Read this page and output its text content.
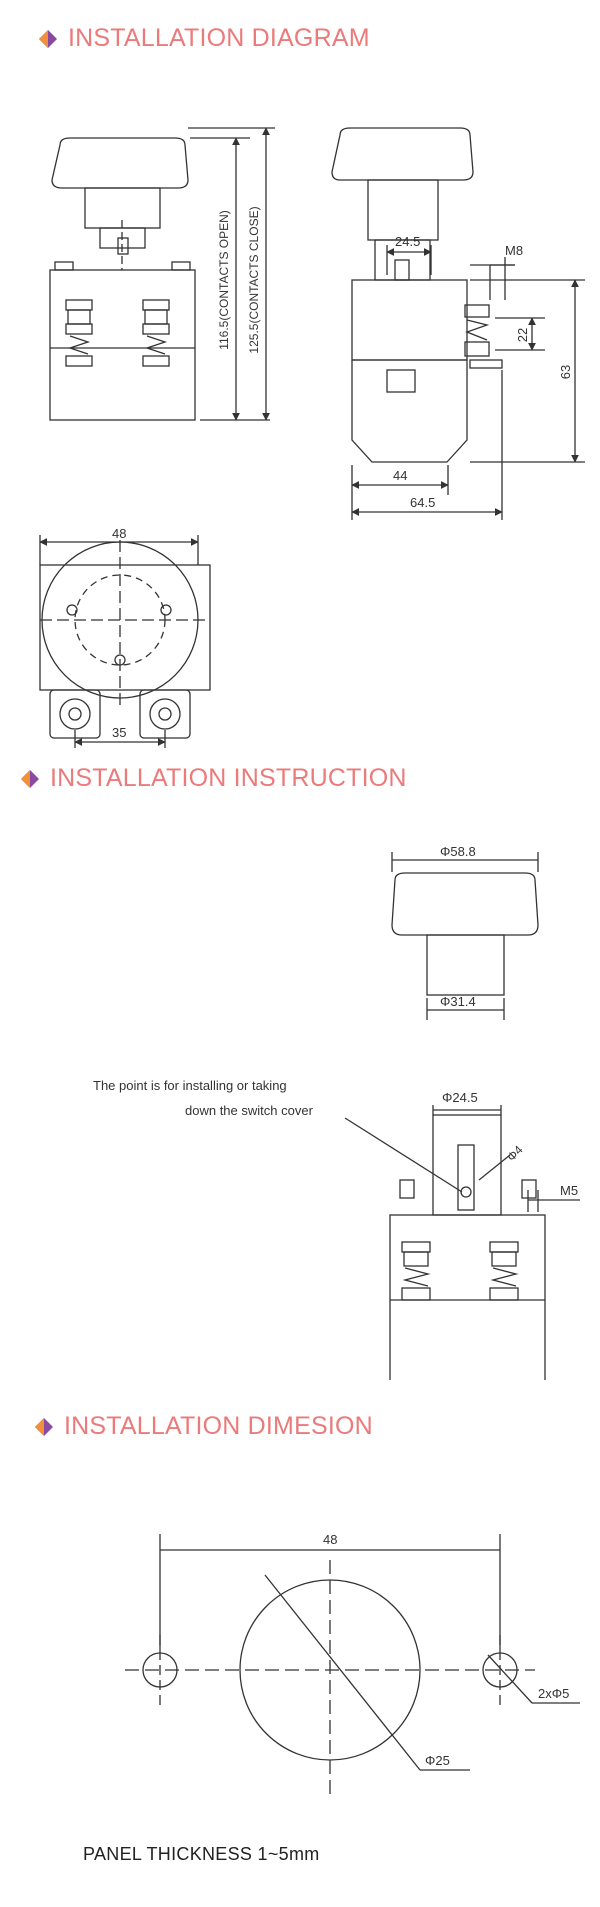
INSTALLATION DIAGRAM
INSTALLATION INSTRUCTION
INSTALLATION DIMESION
116.5(CONTACTS OPEN) 125.5(CONTACTS CLOSE)	M8
24.5
22
63
44
64.5
48
35
Φ58.8
Φ31.4
The point is for installing or taking
down the switch cover
Φ24.5
Φ4
M5
48
2xΦ5
Φ25
PANEL THICKNESS 1~5mm
